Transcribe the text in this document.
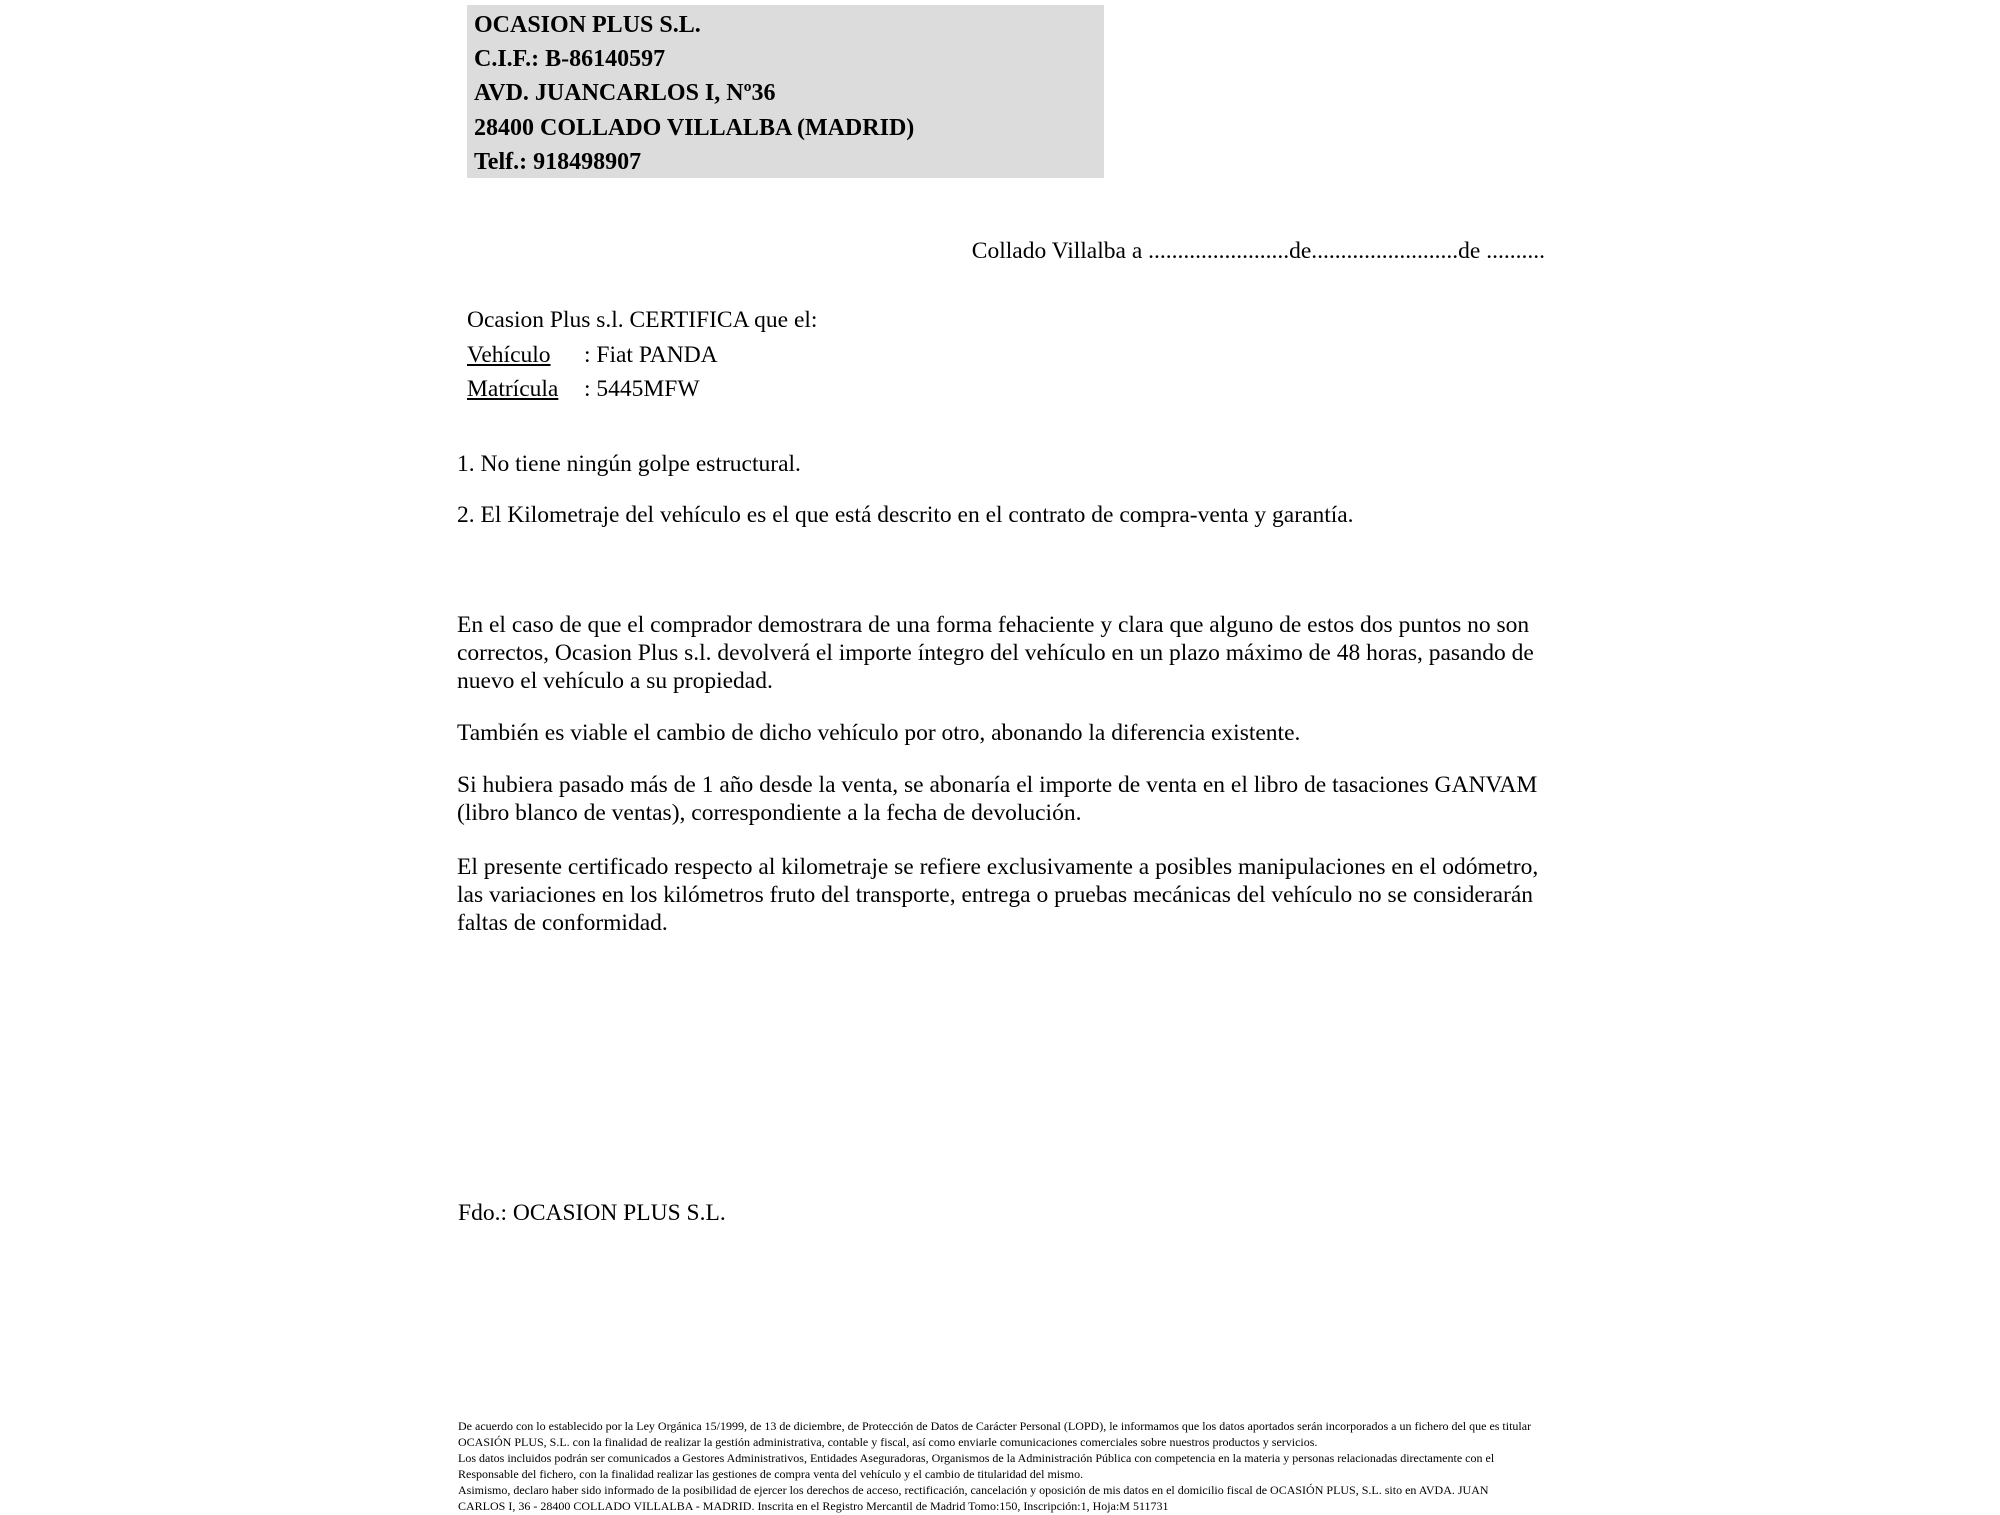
OCASION PLUS S.L.
C.I.F.: B-86140597
AVD. JUANCARLOS I, Nº36
28400 COLLADO VILLALBA (MADRID)
Telf.: 918498907
Collado Villalba a ........................de.........................de ..........
Ocasion Plus s.l. CERTIFICA que el:
Vehículo : Fiat PANDA
Matrícula : 5445MFW

1. No tiene ningún golpe estructural.

2. El Kilometraje del vehículo es el que está descrito en el contrato de compra-venta y garantía.

En el caso de que el comprador demostrara de una forma fehaciente y clara que alguno de estos dos puntos no son correctos, Ocasion Plus s.l. devolverá el importe íntegro del vehículo en un plazo máximo de 48 horas, pasando de nuevo el vehículo a su propiedad.

También es viable el cambio de dicho vehículo por otro, abonando la diferencia existente.

Si hubiera pasado más de 1 año desde la venta, se abonaría el importe de venta en el libro de tasaciones GANVAM (libro blanco de ventas), correspondiente a la fecha de devolución.

El presente certificado respecto al kilometraje se refiere exclusivamente a posibles manipulaciones en el odómetro, las variaciones en los kilómetros fruto del transporte, entrega o pruebas mecánicas del vehículo no se considerarán faltas de conformidad.

Fdo.: OCASION PLUS S.L.
De acuerdo con lo establecido por la Ley Orgánica 15/1999, de 13 de diciembre, de Protección de Datos de Carácter Personal (LOPD), le informamos que los datos aportados serán incorporados a un fichero del que es titular
OCASIÓN PLUS, S.L. con la finalidad de realizar la gestión administrativa, contable y fiscal, así como enviarle comunicaciones comerciales sobre nuestros productos y servicios.
Los datos incluidos podrán ser comunicados a Gestores Administrativos, Entidades Aseguradoras, Organismos de la Administración Pública con competencia en la materia y personas relacionadas directamente con el
Responsable del fichero, con la finalidad realizar las gestiones de compra venta del vehículo y el cambio de titularidad del mismo.
Asimismo, declaro haber sido informado de la posibilidad de ejercer los derechos de acceso, rectificación, cancelación y oposición de mis datos en el domicilio fiscal de OCASIÓN PLUS, S.L. sito en AVDA. JUAN
CARLOS I, 36 - 28400 COLLADO VILLALBA - MADRID. Inscrita en el Registro Mercantil de Madrid Tomo:150, Inscripción:1, Hoja:M 511731
